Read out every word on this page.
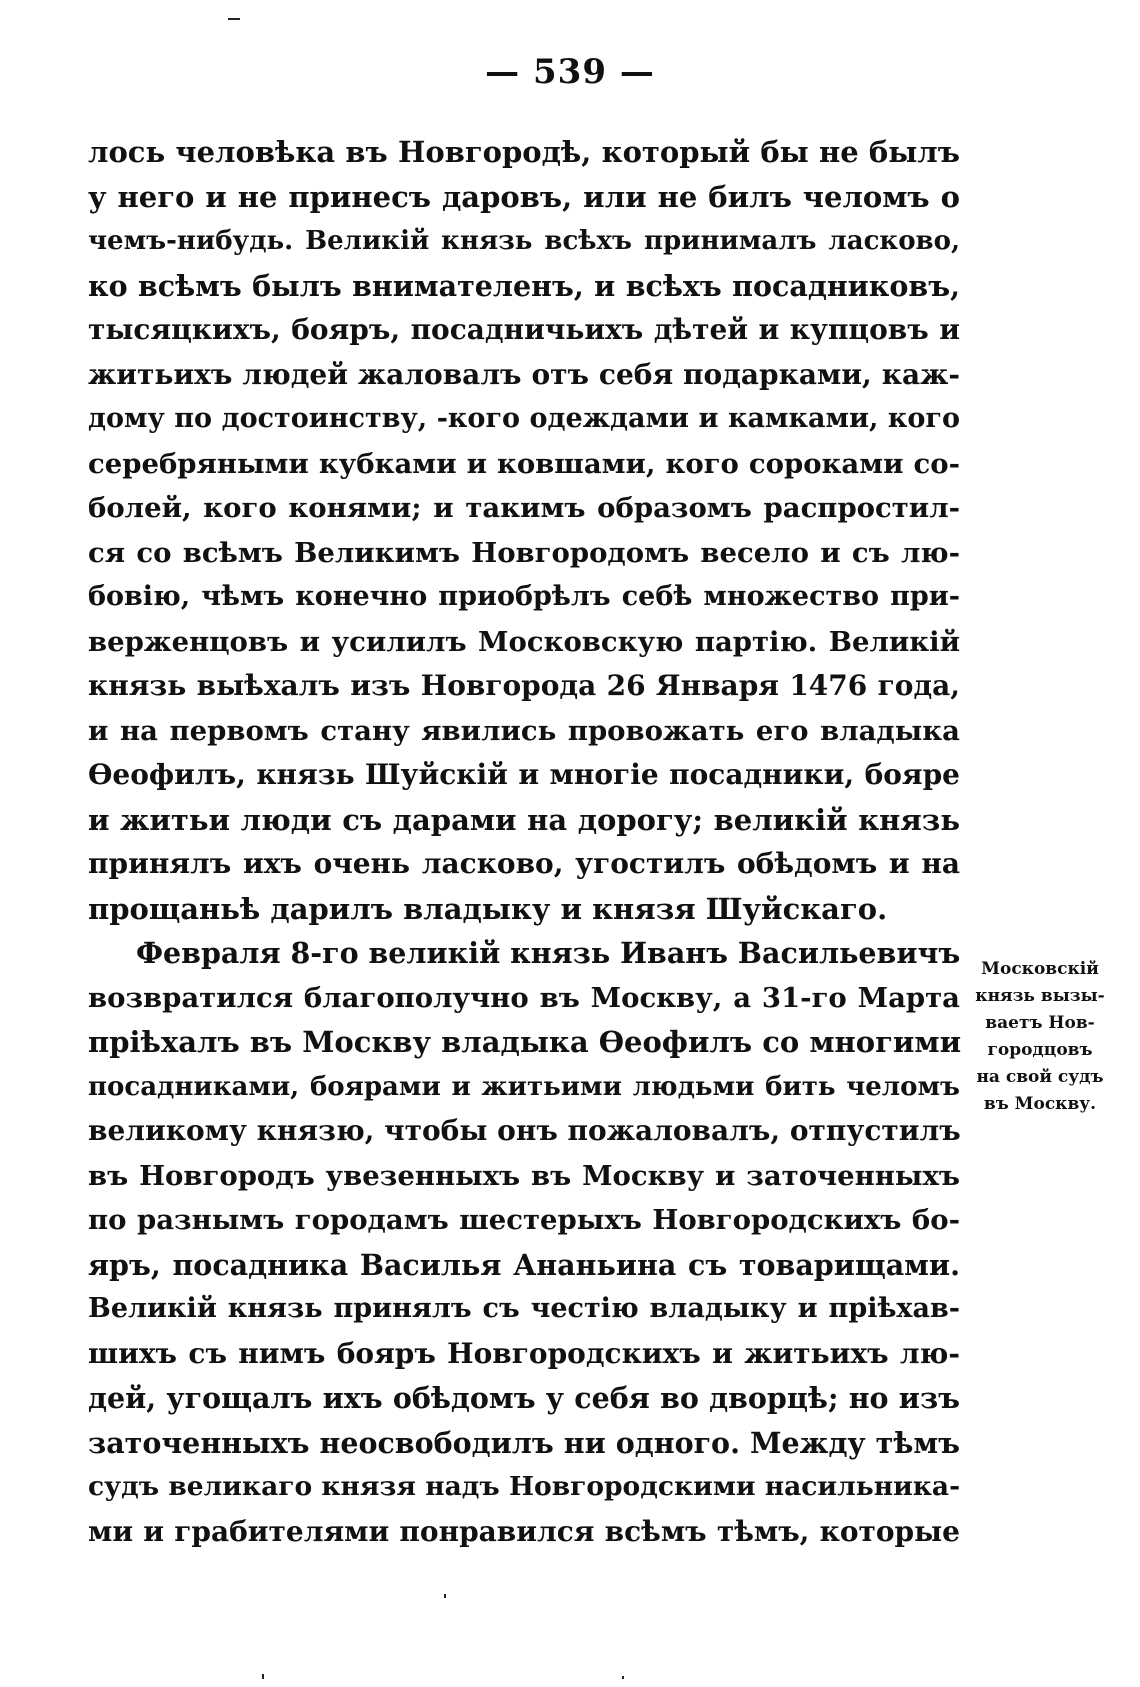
— 539 —
лось человѣка въ Новгородѣ, который бы не былъ
у него и не принесъ даровъ, или не билъ челомъ о
чемъ-нибудь. Великій князь всѣхъ принималъ ласково,
ко всѣмъ былъ внимателенъ, и всѣхъ посадниковъ,
тысяцкихъ, бояръ, посадничьихъ дѣтей и купцовъ и
житьихъ людей жаловалъ отъ себя подарками, каж-
дому по достоинству, -кого одеждами и камками, кого
серебряными кубками и ковшами, кого сороками со-
болей, кого конями; и такимъ образомъ распростил-
ся со всѣмъ Великимъ Новгородомъ весело и съ лю-
бовію, чѣмъ конечно приобрѣлъ себѣ множество при-
верженцовъ и усилилъ Московскую партію. Великій
князь выѣхалъ изъ Новгорода 26 Января 1476 года,
и на первомъ стану явились провожать его владыка
Ѳеофилъ, князь Шуйскій и многіе посадники, бояре
и житьи люди съ дарами на дорогу; великій князь
принялъ ихъ очень ласково, угостилъ обѣдомъ и на
прощаньѣ дарилъ владыку и князя Шуйскаго.
Февраля 8-го великій князь Иванъ Васильевичъ
возвратился благополучно въ Москву, а 31-го Марта
пріѣхалъ въ Москву владыка Ѳеофилъ со многими
посадниками, боярами и житьими людьми бить челомъ
великому князю, чтобы онъ пожаловалъ, отпустилъ
въ Новгородъ увезенныхъ въ Москву и заточенныхъ
по разнымъ городамъ шестерыхъ Новгородскихъ бо-
яръ, посадника Василья Ананьина съ товарищами.
Великій князь принялъ съ честію владыку и пріѣхав-
шихъ съ нимъ бояръ Новгородскихъ и житьихъ лю-
дей, угощалъ ихъ обѣдомъ у себя во дворцѣ; но изъ
заточенныхъ неосвободилъ ни одного. Между тѣмъ
судъ великаго князя надъ Новгородскими насильника-
ми и грабителями понравился всѣмъ тѣмъ, которые
Московскій
князь вызы-
ваетъ Нов-
городцовъ
на свой судъ
въ Москву.
